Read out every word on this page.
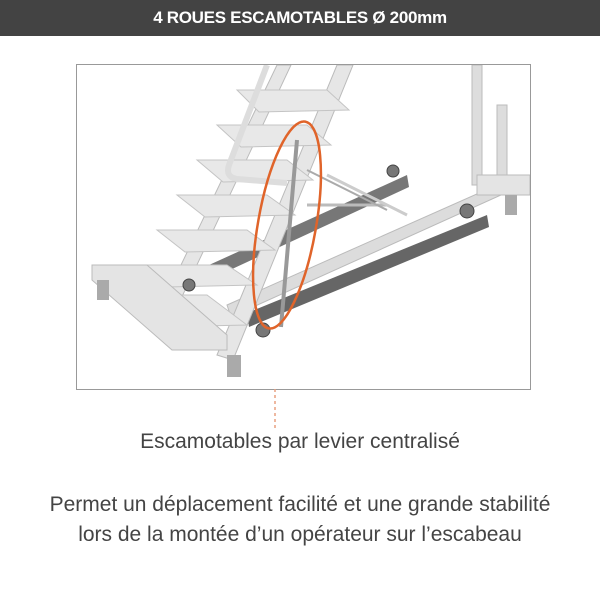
4 ROUES ESCAMOTABLES Ø 200mm
Escamotables par levier centralisé
Permet un déplacement facilité et une grande stabilité lors de la montée d’un opérateur sur l’escabeau
